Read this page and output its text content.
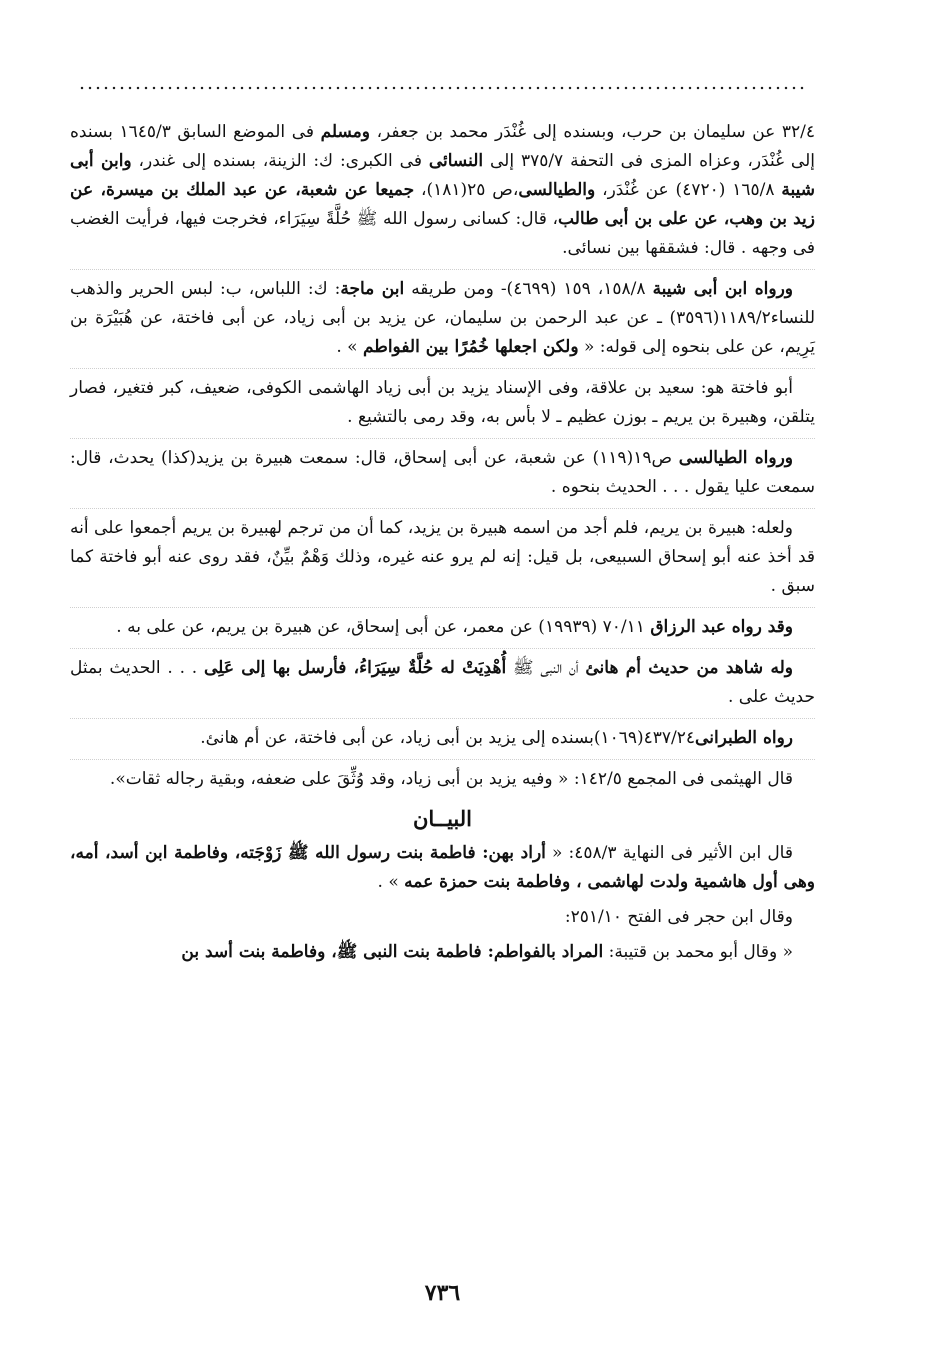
٣٢/٤ عن سليمان بن حرب، وبسنده إلى غُنْدَر محمد بن جعفر، ومسلم فى الموضع السابق ١٦٤٥/٣ بسنده إلى غُنْدَر، وعزاه المزى فى التحفة ٣٧٥/٧ إلى النسائى فى الكبرى: ك: الزينة، بسنده إلى غندر، وابن أبى شيبة ١٦٥/٨ (٤٧٢٠) عن غُنْدَر، والطيالسى،ص ٢٥(١٨١)، جميعا عن شعبة، عن عبد الملك بن ميسرة، عن زيد بن وهب، عن على بن أبى طالب، قال: كسانى رسول الله ﷺ حُلَّةً سِيَرَاء، فخرجت فيها، فرأيت الغضب فى وجهه . قال: فشققها بين نسائى.

ورواه ابن أبى شيبة ١٥٨/٨، ١٥٩ (٤٦٩٩)- ومن طريقه ابن ماجة: ك: اللباس، ب: لبس الحرير والذهب للنساء١١٨٩/٢(٣٥٩٦) ـ عن عبد الرحمن بن سليمان، عن يزيد بن أبى زياد، عن أبى فاختة، عن هُبَيْرَة بن يَرِيم، عن على بنحوه إلى قوله: « ولكن اجعلها خُمُرًا بين الفواطم » .

أبو فاختة هو: سعيد بن علاقة، وفى الإسناد يزيد بن أبى زياد الهاشمى الكوفى، ضعيف، كبر فتغير، فصار يتلقن، وهبيرة بن يريم ـ بوزن عظيم ـ لا بأس به، وقد رمى بالتشيع .

ورواه الطيالسى ص١٩(١١٩) عن شعبة، عن أبى إسحاق، قال: سمعت هبيرة بن يزيد(كذا) يحدث، قال: سمعت عليا يقول . . . الحديث بنحوه .

ولعله: هبيرة بن يريم، فلم أجد من اسمه هبيرة بن يزيد، كما أن من ترجم لهبيرة بن يريم أجمعوا على أنه قد أخذ عنه أبو إسحاق السبيعى، بل قيل: إنه لم يرو عنه غيره، وذلك وَهْمٌ بيِّنٌ، فقد روى عنه أبو فاختة كما سبق .

وقد رواه عبد الرزاق ٧٠/١١ (١٩٩٣٩) عن معمر، عن أبى إسحاق، عن هبيرة بن يريم، عن على به .

وله شاهد من حديث أم هانئ أن النبى ﷺ أُهْدِيَتْ له حُلَّةٌ سِيَرَاءُ، فأرسل بها إلى عَلِى . . . الحديث بمثل حديث على .

رواه الطبرانى٤٣٧/٢٤(١٠٦٩)بسنده إلى يزيد بن أبى زياد، عن أبى فاختة، عن أم هانئ.

قال الهيثمى فى المجمع ١٤٢/٥: « وفيه يزيد بن أبى زياد، وقد وُثِّقَ على ضعفه، وبقية رجاله ثقات».

البيــان

قال ابن الأثير فى النهاية ٤٥٨/٣: « أراد بهن: فاطمة بنت رسول الله ﷺ زَوْجَته، وفاطمة ابن أسد، أمه، وهى أول هاشمية ولدت لهاشمى ، وفاطمة بنت حمزة عمه » .

وقال ابن حجر فى الفتح ٢٥١/١٠:

« وقال أبو محمد بن قتيبة: المراد بالفواطم: فاطمة بنت النبى ﷺ، وفاطمة بنت أسد بن

٧٣٦
